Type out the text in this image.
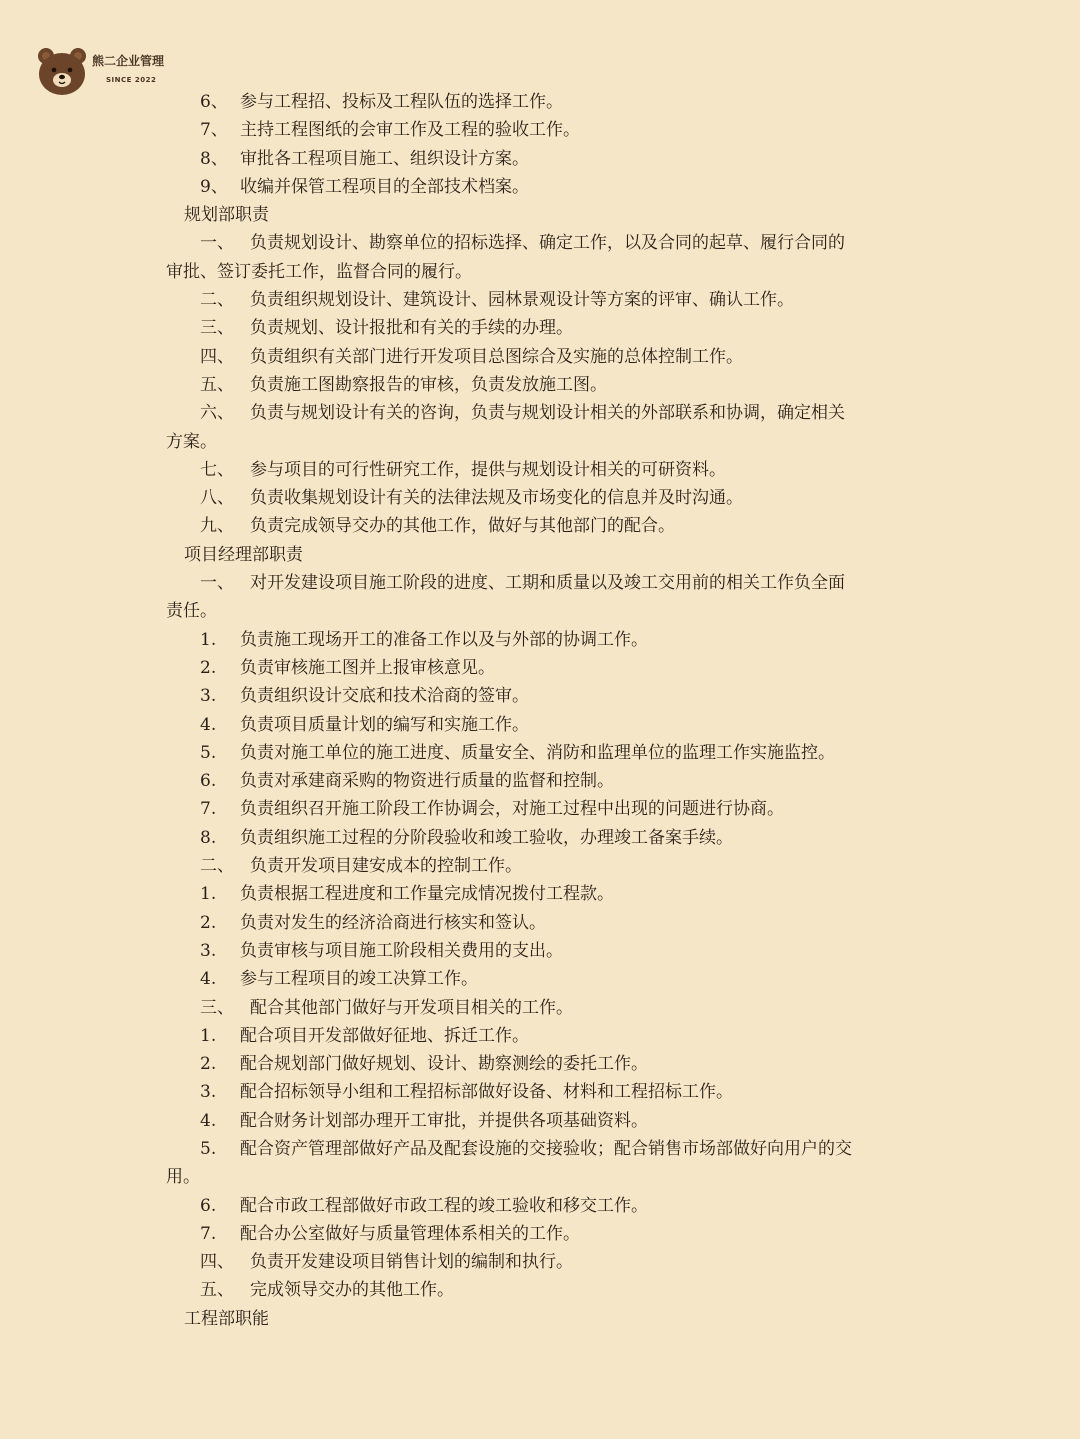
熊二企业管理
SINCE 2022
6、 参与工程招、投标及工程队伍的选择工作。
7、 主持工程图纸的会审工作及工程的验收工作。
8、 审批各工程项目施工、组织设计方案。
9、 收编并保管工程项目的全部技术档案。
规划部职责
一、 负责规划设计、勘察单位的招标选择、确定工作，以及合同的起草、履行合同的
审批、签订委托工作，监督合同的履行。
二、 负责组织规划设计、建筑设计、园林景观设计等方案的评审、确认工作。
三、 负责规划、设计报批和有关的手续的办理。
四、 负责组织有关部门进行开发项目总图综合及实施的总体控制工作。
五、 负责施工图勘察报告的审核，负责发放施工图。
六、 负责与规划设计有关的咨询，负责与规划设计相关的外部联系和协调，确定相关
方案。
七、 参与项目的可行性研究工作，提供与规划设计相关的可研资料。
八、 负责收集规划设计有关的法律法规及市场变化的信息并及时沟通。
九、 负责完成领导交办的其他工作，做好与其他部门的配合。
项目经理部职责
一、 对开发建设项目施工阶段的进度、工期和质量以及竣工交用前的相关工作负全面
责任。
1. 负责施工现场开工的准备工作以及与外部的协调工作。
2. 负责审核施工图并上报审核意见。
3. 负责组织设计交底和技术洽商的签审。
4. 负责项目质量计划的编写和实施工作。
5. 负责对施工单位的施工进度、质量安全、消防和监理单位的监理工作实施监控。
6. 负责对承建商采购的物资进行质量的监督和控制。
7. 负责组织召开施工阶段工作协调会，对施工过程中出现的问题进行协商。
8. 负责组织施工过程的分阶段验收和竣工验收，办理竣工备案手续。
二、 负责开发项目建安成本的控制工作。
1. 负责根据工程进度和工作量完成情况拨付工程款。
2. 负责对发生的经济洽商进行核实和签认。
3. 负责审核与项目施工阶段相关费用的支出。
4. 参与工程项目的竣工决算工作。
三、 配合其他部门做好与开发项目相关的工作。
1. 配合项目开发部做好征地、拆迁工作。
2. 配合规划部门做好规划、设计、勘察测绘的委托工作。
3. 配合招标领导小组和工程招标部做好设备、材料和工程招标工作。
4. 配合财务计划部办理开工审批，并提供各项基础资料。
5. 配合资产管理部做好产品及配套设施的交接验收；配合销售市场部做好向用户的交
用。
6. 配合市政工程部做好市政工程的竣工验收和移交工作。
7. 配合办公室做好与质量管理体系相关的工作。
四、 负责开发建设项目销售计划的编制和执行。
五、 完成领导交办的其他工作。
工程部职能
